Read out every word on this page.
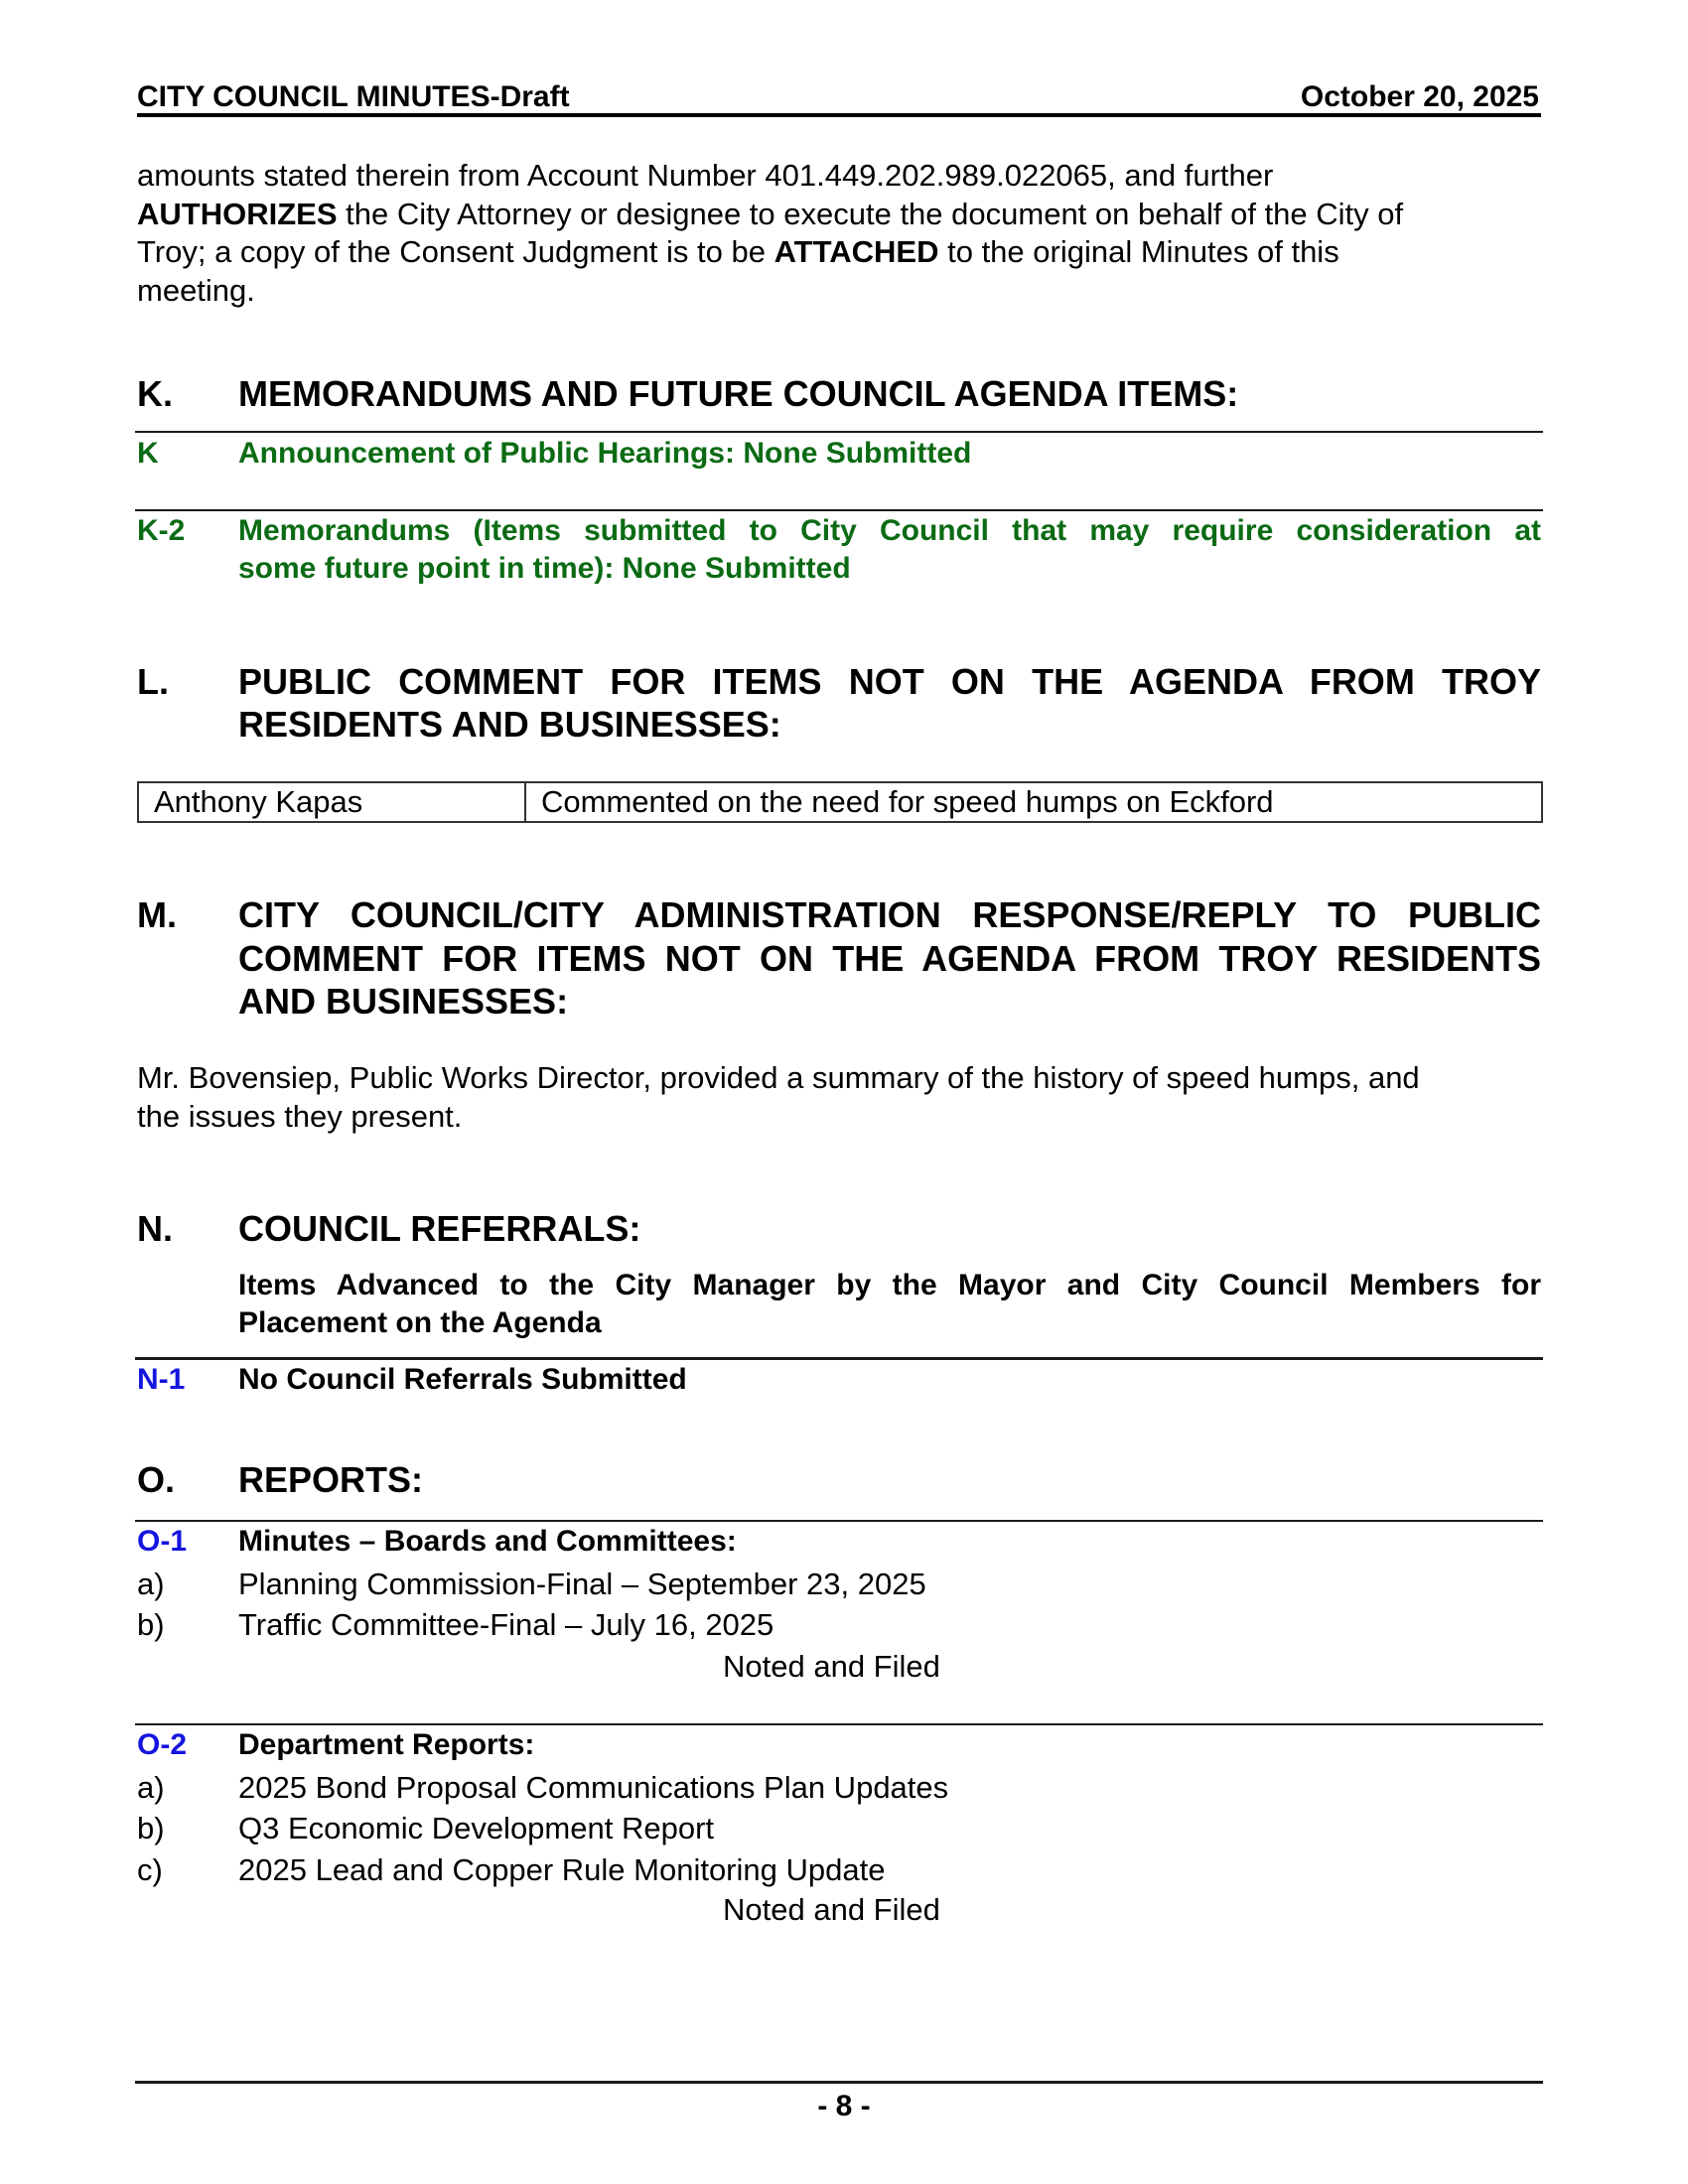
CITY COUNCIL MINUTES-Draft	October 20, 2025
amounts stated therein from Account Number 401.449.202.989.022065, and further
AUTHORIZES the City Attorney or designee to execute the document on behalf of the City of
Troy; a copy of the Consent Judgment is to be ATTACHED to the original Minutes of this
meeting.
K. MEMORANDUMS AND FUTURE COUNCIL AGENDA ITEMS:
K	Announcement of Public Hearings: None Submitted
K-2 Memorandums (Items submitted to City Council that may require consideration at
some future point in time): None Submitted
L. PUBLIC COMMENT FOR ITEMS NOT ON THE AGENDA FROM TROY
RESIDENTS AND BUSINESSES:
Anthony Kapas	Commented on the need for speed humps on Eckford
M. CITY COUNCIL/CITY ADMINISTRATION RESPONSE/REPLY TO PUBLIC
COMMENT FOR ITEMS NOT ON THE AGENDA FROM TROY RESIDENTS
AND BUSINESSES:
Mr. Bovensiep, Public Works Director, provided a summary of the history of speed humps, and
the issues they present.
N. COUNCIL REFERRALS:
Items Advanced to the City Manager by the Mayor and City Council Members for
Placement on the Agenda
N-1 No Council Referrals Submitted
O. REPORTS:
O-1 Minutes – Boards and Committees:
a) Planning Commission-Final – September 23, 2025
b) Traffic Committee-Final – July 16, 2025
Noted and Filed
O-2 Department Reports:
a) 2025 Bond Proposal Communications Plan Updates
b) Q3 Economic Development Report
c) 2025 Lead and Copper Rule Monitoring Update
Noted and Filed
- 8 -
